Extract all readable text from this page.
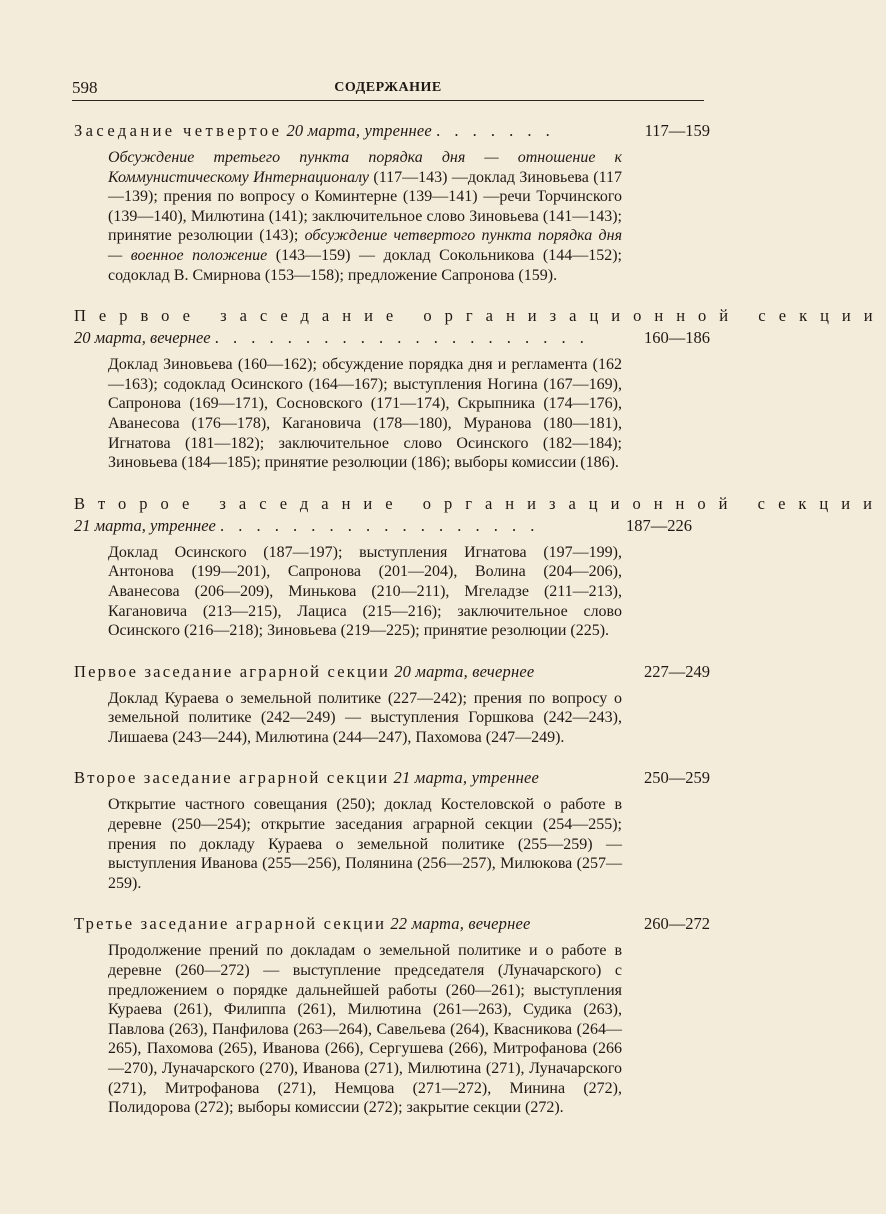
598	СОДЕРЖАНИЕ
Заседание четвертое 20 марта, утреннее . . . . . . .	117—159
Обсуждение третьего пункта порядка дня — отношение к Коммунистическому Интернационалу (117—143) —доклад Зиновьева (117—139); прения по вопросу о Коминтерне (139—141) —речи Торчинского (139—140), Милютина (141); заключительное слово Зиновьева (141—143); принятие резолюции (143); обсуждение четвертого пункта порядка дня — военное положение (143—159) — доклад Сокольникова (144—152); содоклад В. Смирнова (153—158); предложение Сапронова (159).
Первое заседание организационной секции
20 марта, вечернее . . . . . . . . . . . . . . . . . . . . .	160—186
Доклад Зиновьева (160—162); обсуждение порядка дня и регламента (162—163); содоклад Осинского (164—167); выступления Ногина (167—169), Сапронова (169—171), Сосновского (171—174), Скрыпника (174—176), Аванесова (176—178), Кагановича (178—180), Муранова (180—181), Игнатова (181—182); заключительное слово Осинского (182—184); Зиновьева (184—185); принятие резолюции (186); выборы комиссии (186).
Второе заседание организационной секции
21 марта, утреннее . . . . . . . . . . . . . . . . . .	187—226
Доклад Осинского (187—197); выступления Игнатова (197—199), Антонова (199—201), Сапронова (201—204), Волина (204—206), Аванесова (206—209), Минькова (210—211), Мгеладзе (211—213), Кагановича (213—215), Лациса (215—216); заключительное слово Осинского (216—218); Зиновьева (219—225); принятие резолюции (225).
Первое заседание аграрной секции 20 марта, вечернее	227—249
Доклад Кураева о земельной политике (227—242); прения по вопросу о земельной политике (242—249) — выступления Горшкова (242—243), Лишаева (243—244), Милютина (244—247), Пахомова (247—249).
Второе заседание аграрной секции 21 марта, утреннее	250—259
Открытие частного совещания (250); доклад Костеловской о работе в деревне (250—254); открытие заседания аграрной секции (254—255); прения по докладу Кураева о земельной политике (255—259) — выступления Иванова (255—256), Полянина (256—257), Милюкова (257—259).
Третье заседание аграрной секции 22 марта, вечернее	260—272
Продолжение прений по докладам о земельной политике и о работе в деревне (260—272) — выступление председателя (Луначарского) с предложением о порядке дальнейшей работы (260—261); выступления Кураева (261), Филиппа (261), Милютина (261—263), Судика (263), Павлова (263), Панфилова (263—264), Савельева (264), Квасникова (264—265), Пахомова (265), Иванова (266), Сергушева (266), Митрофанова (266—270), Луначарского (270), Иванова (271), Милютина (271), Луначарского (271), Митрофанова (271), Немцова (271—272), Минина (272), Полидорова (272); выборы комиссии (272); закрытие секции (272).
